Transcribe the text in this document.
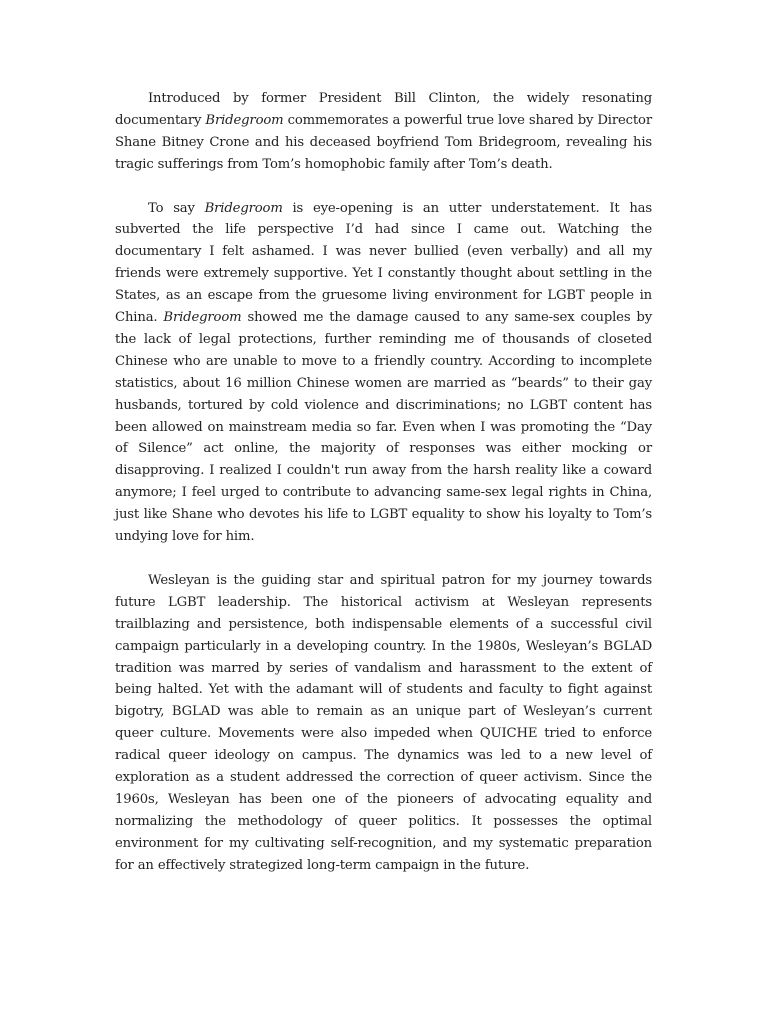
Introduced by former President Bill Clinton, the widely resonating documentary Bridegroom commemorates a powerful true love shared by Director Shane Bitney Crone and his deceased boyfriend Tom Bridegroom, revealing his tragic sufferings from Tom’s homophobic family after Tom’s death.

To say Bridegroom is eye-opening is an utter understatement. It has subverted the life perspective I’d had since I came out. Watching the documentary I felt ashamed. I was never bullied (even verbally) and all my friends were extremely supportive. Yet I constantly thought about settling in the States, as an escape from the gruesome living environment for LGBT people in China. Bridegroom showed me the damage caused to any same-sex couples by the lack of legal protections, further reminding me of thousands of closeted Chinese who are unable to move to a friendly country. According to incomplete statistics, about 16 million Chinese women are married as “beards” to their gay husbands, tortured by cold violence and discriminations; no LGBT content has been allowed on mainstream media so far. Even when I was promoting the “Day of Silence” act online, the majority of responses was either mocking or disapproving. I realized I couldn't run away from the harsh reality like a coward anymore; I feel urged to contribute to advancing same-sex legal rights in China, just like Shane who devotes his life to LGBT equality to show his loyalty to Tom’s undying love for him.

Wesleyan is the guiding star and spiritual patron for my journey towards future LGBT leadership. The historical activism at Wesleyan represents trailblazing and persistence, both indispensable elements of a successful civil campaign particularly in a developing country. In the 1980s, Wesleyan’s BGLAD tradition was marred by series of vandalism and harassment to the extent of being halted. Yet with the adamant will of students and faculty to fight against bigotry, BGLAD was able to remain as an unique part of Wesleyan’s current queer culture. Movements were also impeded when QUICHE tried to enforce radical queer ideology on campus. The dynamics was led to a new level of exploration as a student addressed the correction of queer activism. Since the 1960s, Wesleyan has been one of the pioneers of advocating equality and normalizing the methodology of queer politics. It possesses the optimal environment for my cultivating self-recognition, and my systematic preparation for an effectively strategized long-term campaign in the future.
